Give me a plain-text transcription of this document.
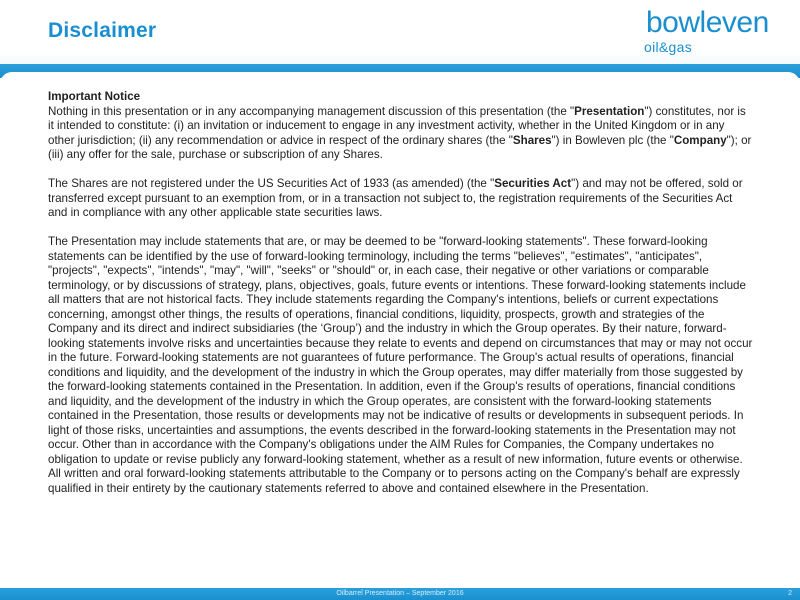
Disclaimer	bowleven
oil&gas
Important Notice

Nothing in this presentation or in any accompanying management discussion of this presentation (the "Presentation") constitutes, nor is it intended to constitute: (i) an invitation or inducement to engage in any investment activity, whether in the United Kingdom or in any other jurisdiction; (ii) any recommendation or advice in respect of the ordinary shares (the "Shares") in Bowleven plc (the "Company"); or (iii) any offer for the sale, purchase or subscription of any Shares.

The Shares are not registered under the US Securities Act of 1933 (as amended) (the "Securities Act") and may not be offered, sold or transferred except pursuant to an exemption from, or in a transaction not subject to, the registration requirements of the Securities Act and in compliance with any other applicable state securities laws.

The Presentation may include statements that are, or may be deemed to be "forward-looking statements". These forward-looking statements can be identified by the use of forward-looking terminology, including the terms "believes", "estimates", "anticipates", "projects", "expects", "intends", "may", "will", "seeks" or "should" or, in each case, their negative or other variations or comparable terminology, or by discussions of strategy, plans, objectives, goals, future events or intentions. These forward-looking statements include all matters that are not historical facts. They include statements regarding the Company's intentions, beliefs or current expectations concerning, amongst other things, the results of operations, financial conditions, liquidity, prospects, growth and strategies of the Company and its direct and indirect subsidiaries (the ‘Group’) and the industry in which the Group operates. By their nature, forward-looking statements involve risks and uncertainties because they relate to events and depend on circumstances that may or may not occur in the future. Forward-looking statements are not guarantees of future performance. The Group's actual results of operations, financial conditions and liquidity, and the development of the industry in which the Group operates, may differ materially from those suggested by the forward-looking statements contained in the Presentation. In addition, even if the Group's results of operations, financial conditions and liquidity, and the development of the industry in which the Group operates, are consistent with the forward-looking statements contained in the Presentation, those results or developments may not be indicative of results or developments in subsequent periods. In light of those risks, uncertainties and assumptions, the events described in the forward-looking statements in the Presentation may not occur. Other than in accordance with the Company's obligations under the AIM Rules for Companies, the Company undertakes no obligation to update or revise publicly any forward-looking statement, whether as a result of new information, future events or otherwise. All written and oral forward-looking statements attributable to the Company or to persons acting on the Company's behalf are expressly qualified in their entirety by the cautionary statements referred to above and contained elsewhere in the Presentation.

Oilbarrel Presentation – September 2016	2
